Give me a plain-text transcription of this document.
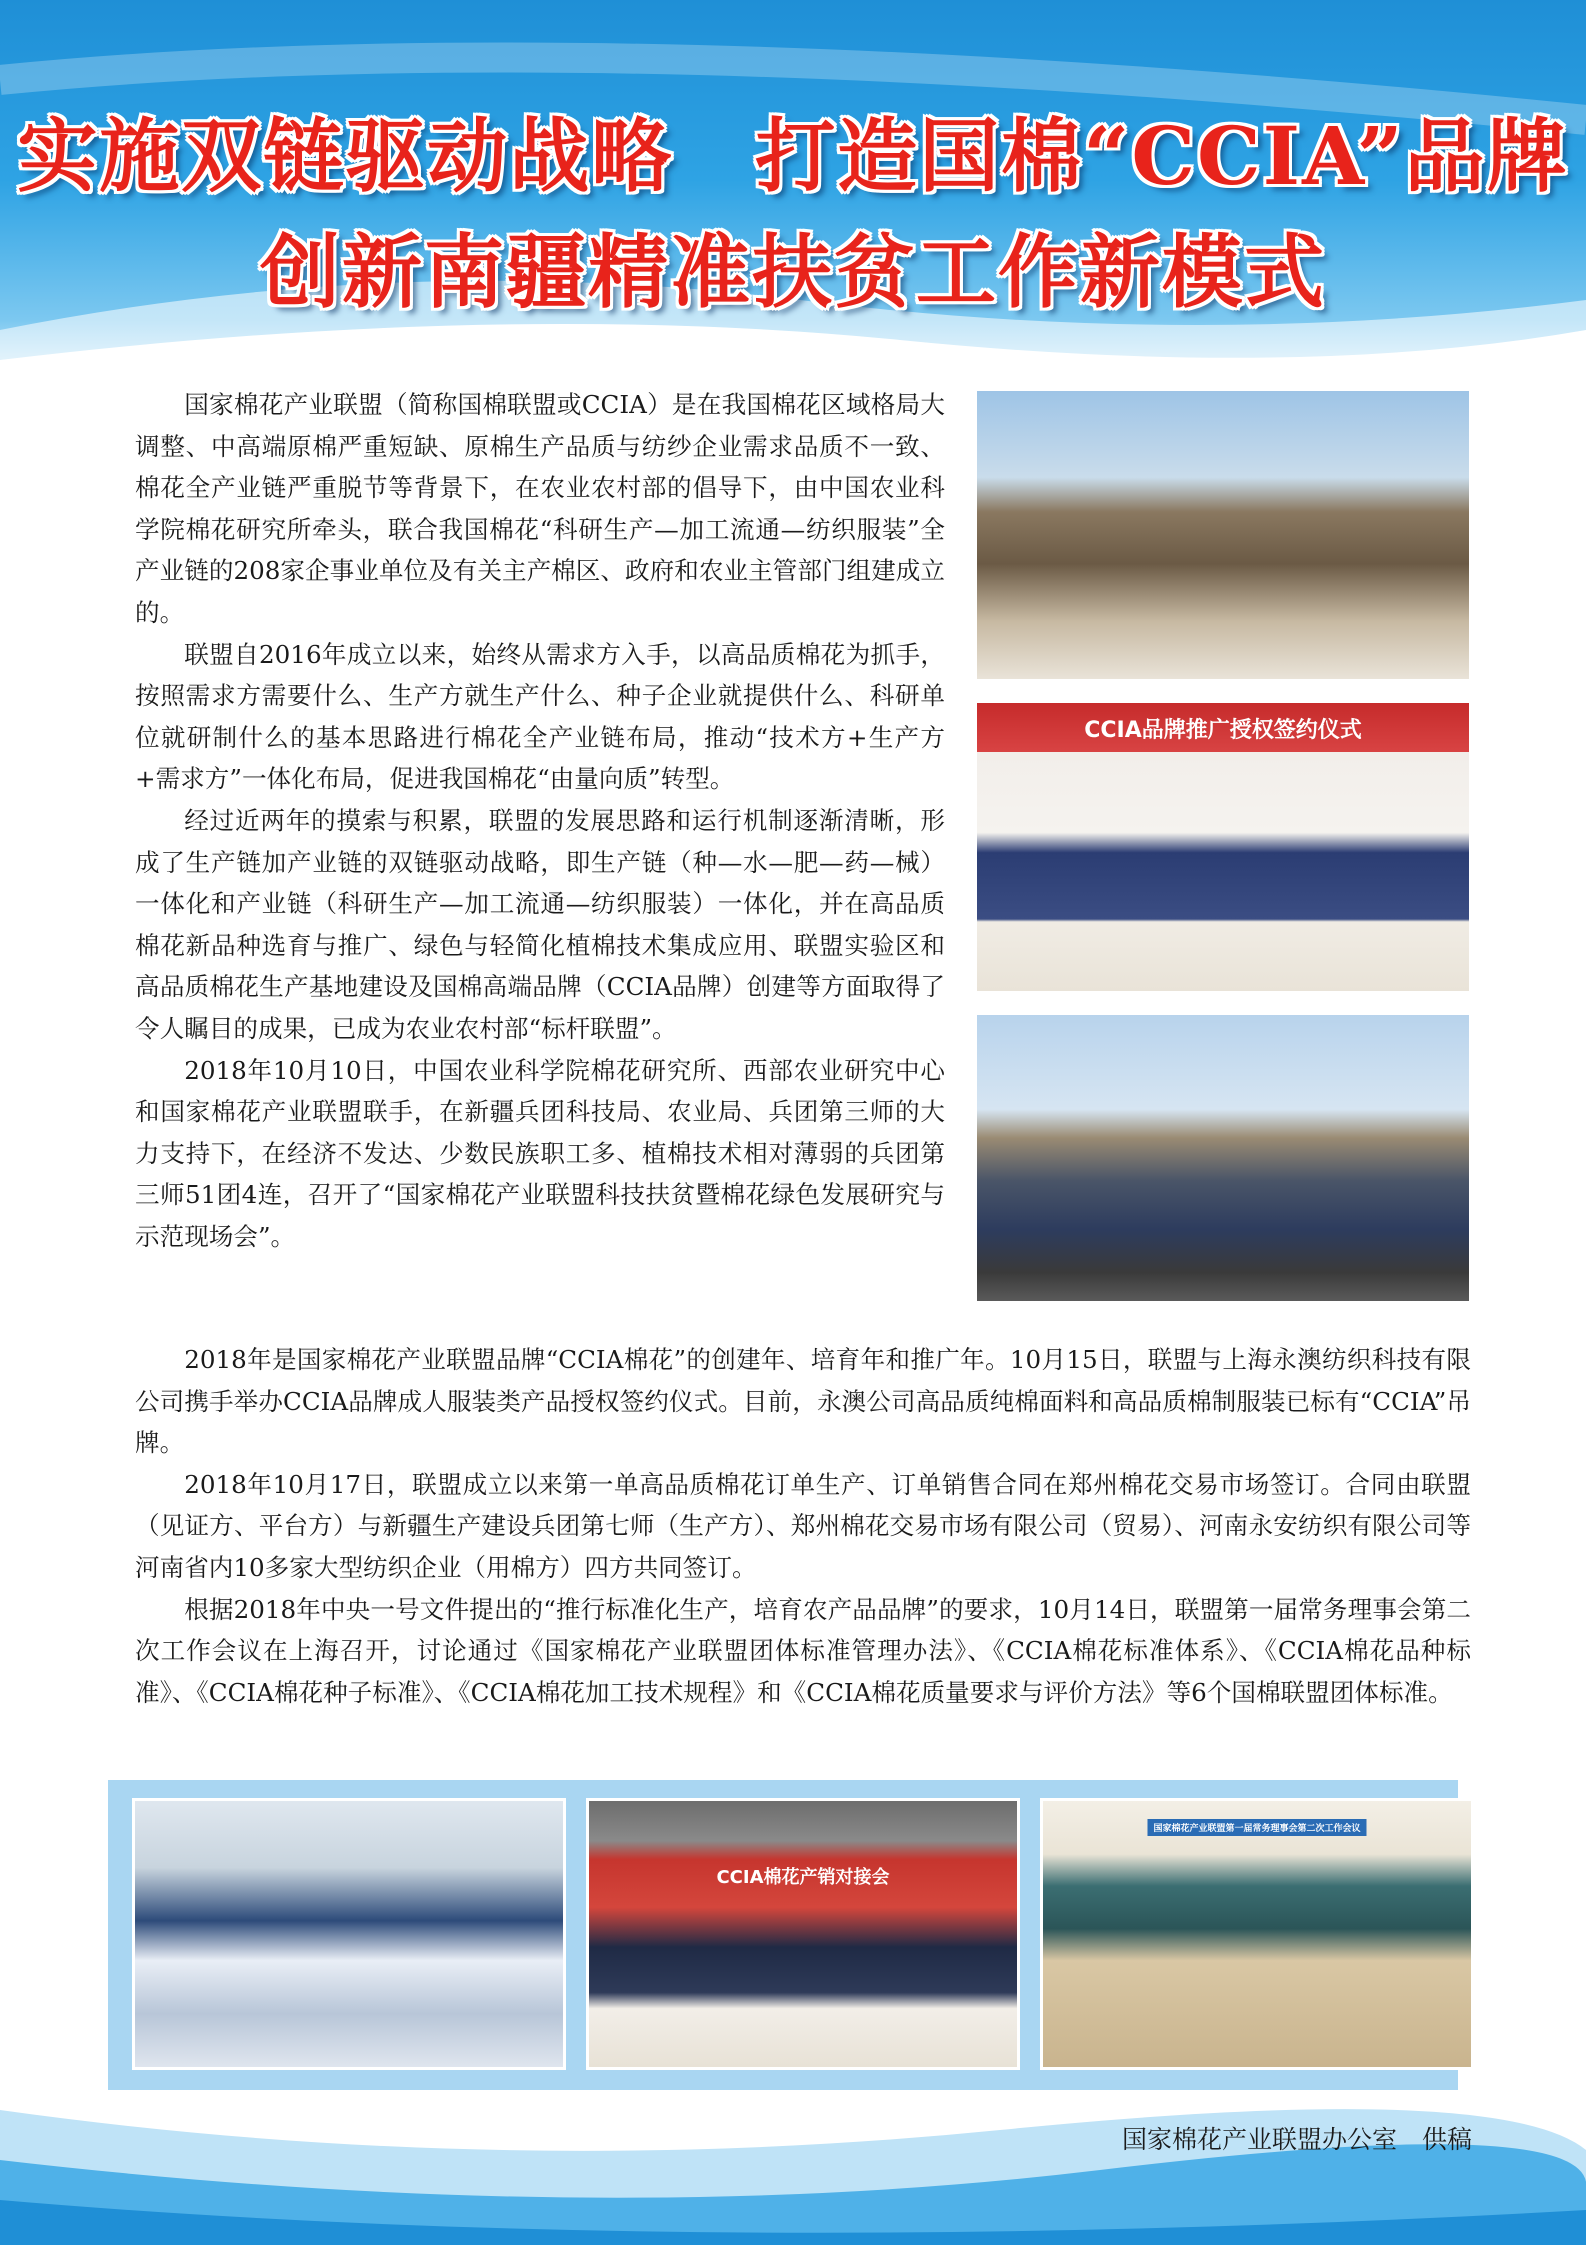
实施双链驱动战略　打造国棉“CCIA”品牌
创新南疆精准扶贫工作新模式

国家棉花产业联盟（简称国棉联盟或CCIA）是在我国棉花区域格局大调整、中高端原棉严重短缺、原棉生产品质与纺纱企业需求品质不一致、棉花全产业链严重脱节等背景下，在农业农村部的倡导下，由中国农业科学院棉花研究所牵头，联合我国棉花“科研生产—加工流通—纺织服装”全产业链的208家企事业单位及有关主产棉区、政府和农业主管部门组建成立的。

联盟自2016年成立以来，始终从需求方入手，以高品质棉花为抓手，按照需求方需要什么、生产方就生产什么、种子企业就提供什么、科研单位就研制什么的基本思路进行棉花全产业链布局，推动“技术方+生产方+需求方”一体化布局，促进我国棉花“由量向质”转型。

经过近两年的摸索与积累，联盟的发展思路和运行机制逐渐清晰，形成了生产链加产业链的双链驱动战略，即生产链（种—水—肥—药—械）一体化和产业链（科研生产—加工流通—纺织服装）一体化，并在高品质棉花新品种选育与推广、绿色与轻简化植棉技术集成应用、联盟实验区和高品质棉花生产基地建设及国棉高端品牌（CCIA品牌）创建等方面取得了令人瞩目的成果，已成为农业农村部“标杆联盟”。

2018年10月10日，中国农业科学院棉花研究所、西部农业研究中心和国家棉花产业联盟联手，在新疆兵团科技局、农业局、兵团第三师的大力支持下，在经济不发达、少数民族职工多、植棉技术相对薄弱的兵团第三师51团4连，召开了“国家棉花产业联盟科技扶贫暨棉花绿色发展研究与示范现场会”。

CCIA品牌推广授权签约仪式

2018年是国家棉花产业联盟品牌“CCIA棉花”的创建年、培育年和推广年。10月15日，联盟与上海永澳纺织科技有限公司携手举办CCIA品牌成人服装类产品授权签约仪式。目前，永澳公司高品质纯棉面料和高品质棉制服装已标有“CCIA”吊牌。

2018年10月17日，联盟成立以来第一单高品质棉花订单生产、订单销售合同在郑州棉花交易市场签订。合同由联盟（见证方、平台方）与新疆生产建设兵团第七师（生产方）、郑州棉花交易市场有限公司（贸易）、河南永安纺织有限公司等河南省内10多家大型纺织企业（用棉方）四方共同签订。

根据2018年中央一号文件提出的“推行标准化生产，培育农产品品牌”的要求，10月14日，联盟第一届常务理事会第二次工作会议在上海召开，讨论通过《国家棉花产业联盟团体标准管理办法》、《CCIA棉花标准体系》、《CCIA棉花品种标准》、《CCIA棉花种子标准》、《CCIA棉花加工技术规程》和《CCIA棉花质量要求与评价方法》等6个国棉联盟团体标准。

CCIA棉花产销对接会
国家棉花产业联盟第一届常务理事会第二次工作会议
国家棉花产业联盟办公室　供稿
